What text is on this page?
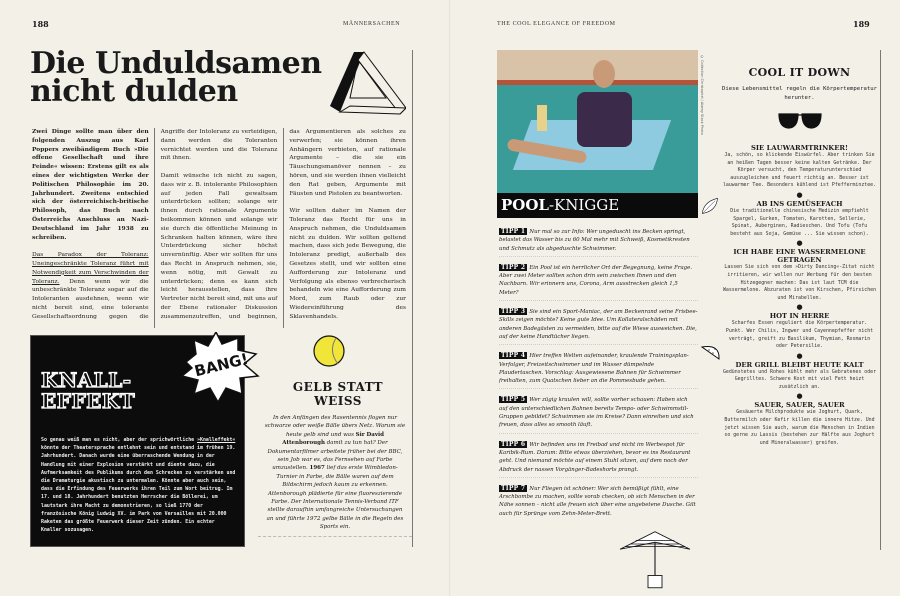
188	MÄNNERSACHEN	THE COOL ELEGANCE OF FREEDOM	189
Die Unduldsamen
nicht dulden

Zwei Dinge sollte man über den folgenden Auszug aus Karl Poppers zweibändigem Buch »Die offene Gesellschaft und ihre Feinde« wissen: Erstens gilt es als eines der wichtigsten Werke der Politischen Philosophie im 20. Jahrhundert. Zweitens entschied sich der österreichisch-britische Philosoph, das Buch nach Österreichs Anschluss an Nazi-Deutschland im Jahr 1938 zu schreiben.

Das Paradox der Toleranz: Uneingeschränkte Toleranz führt mit Notwendigkeit zum Verschwinden der Toleranz. Denn wenn wir die unbeschränkte Toleranz sogar auf die Intoleranten ausdehnen, wenn wir nicht bereit sind, eine tolerante Gesellschaftsordnung gegen die Angriffe der Intoleranz zu verteidigen, dann werden die Toleranten vernichtet werden und die Toleranz mit ihnen.

Damit wünsche ich nicht zu sagen, dass wir z. B. intolerante Philosophien auf jeden Fall gewaltsam unterdrücken sollten; solange wir ihnen durch rationale Argumente beikommen können und solange wir sie durch die öffentliche Meinung in Schranken halten können, wäre ihre Unterdrückung sicher höchst unvernünftig. Aber wir sollten für uns das Recht in Anspruch nehmen, sie, wenn nötig, mit Gewalt zu unterdrücken; denn es kann sich leicht herausstellen, dass ihre Vertreter nicht bereit sind, mit uns auf der Ebene rationaler Diskussion zusammenzutreffen, und beginnen, das Argumentieren als solches zu verwerfen; sie können ihren Anhängern verbieten, auf rationale Argumente – die sie ein Täuschungsmanöver nennen – zu hören, und sie werden ihnen vielleicht den Rat geben, Argumente mit Fäusten und Pistolen zu beantworten.

Wir sollten daher im Namen der Toleranz das Recht für uns in Anspruch nehmen, die Unduldsamen nicht zu dulden. Wir sollten geltend machen, dass sich jede Bewegung, die Intoleranz predigt, außerhalb des Gesetzes stellt, und wir sollten eine Aufforderung zur Intoleranz und Verfolgung als ebenso verbrecherisch behandeln wie eine Aufforderung zum Mord, zum Raub oder zur Wiedereinführung des Sklavenhandels.

KNALL-
EFFEKT
So genau weiß man es nicht, aber der sprichwörtliche »Knalleffekt« könnte der Theatersprache entlehnt sein und entstand im frühen 19. Jahrhundert. Danach wurde eine überraschende Wendung in der Handlung mit einer Explosion verstärkt und diente dazu, die Aufmerksamkeit des Publikums durch den Schrecken zu verstärken und die Dramaturgie akustisch zu untermalen. Könnte aber auch sein, dass die Erfindung des Feuerwerks ihren Teil zum Wort beitrug. Im 17. und 18. Jahrhundert benutzten Herrscher die Böllerei, um lautstark ihre Macht zu demonstrieren, so ließ 1770 der französische König Ludwig XV. im Park von Versailles mit 20.000 Raketen das größte Feuerwerk dieser Zeit zünden. Ein echter Knaller sozusagen.
BANG!
GELB STATT
WEISS
In den Anfängen des Rasentennis flogen nur schwarze oder weiße Bälle übers Netz. Warum sie heute gelb sind und was Sir David Attenborough damit zu tun hat? Der Dokumentarfilmer arbeitete früher bei der BBC, sein Job war es, das Fernsehen auf Farbe umzustellen. 1967 lief das erste Wimbledon-Turnier in Farbe, die Bälle waren auf dem Bildschirm jedoch kaum zu erkennen. Attenborough plädierte für eine fluoreszierende Farbe. Der Internationale Tennis-Verband ITF stellte daraufhin umfangreiche Untersuchungen an und führte 1972 gelbe Bälle in die Regeln des Sports ein.
© Collection Christophel / Alamy Stock Photo
POOL-KNIGGE
TIPP 1 Nur mal so zur Info: Wer ungeduscht ins Becken springt, belastet das Wasser bis zu 60 Mal mehr mit Schweiß, Kosmetikresten und Schmutz als abgeduschte Schwimmer.
TIPP 2 Ein Pool ist ein herrlicher Ort der Begegnung, keine Frage. Aber zwei Meter sollten schon drin sein zwischen Ihnen und den Nachbarn. Wir erinnern uns, Corona, Arm ausstrecken gleich 1,5 Meter?
TIPP 3 Sie sind ein Sport-Maniac, der am Beckenrand seine Frisbee-Skills zeigen möchte? Keine gute Idee. Um Kollateralschäden mit anderen Badegästen zu vermeiden, bitte auf die Wiese ausweichen. Die, auf der keine Handtücher liegen.
TIPP 4 Hier treffen Welten aufeinander, kraulende Trainingsplan-Verfolger, Freizeitschwimmer und im Wasser dümpelnde Plaudertaschen. Vorschlag: Ausgewiesene Bahnen für Schwimmer freihalten, zum Quatschen lieber an die Pommesbude gehen.
TIPP 5 Wer zügig kraulen will, sollte vorher schauen: Haben sich auf den unterschiedlichen Bahnen bereits Tempo- oder Schwimmstil-Gruppen gebildet? Schwimmen sie im Kreise? Dann einreihen und sich freuen, dass alles so smooth läuft.
TIPP 6 Wir befinden uns im Freibad und nicht im Werbespot für Karibik-Rum. Darum: Bitte etwas überziehen, bevor es ins Restaurant geht. Und niemand möchte auf einem Stuhl sitzen, auf dem noch der Abdruck der nassen Vorgänger-Badeshorts prangt.
TIPP 7 Nur Fliegen ist schöner: Wer sich bemüßigt fühlt, eine Arschbombe zu machen, sollte vorab checken, ob sich Menschen in der Nähe sonnen – nicht alle freuen sich über eine ungebetene Dusche. Gilt auch für Sprünge vom Zehn-Meter-Brett.
COOL IT DOWN
Diese Lebensmittel regeln die Körpertemperatur herunter.
SIE LAUWARMTRINKER!
Ja, schön, so klickende Eiswürfel. Aber trinken Sie an heißen Tagen besser keine kalten Getränke. Der Körper versucht, den Temperaturunterschied auszugleichen und feuert richtig an. Besser ist lauwarmer Tee. Besonders kühlend ist Pfefferminztee.
●
AB INS GEMÜSEFACH
Die traditionelle chinesische Medizin empfiehlt Spargel, Gurken, Tomaten, Karotten, Sellerie, Spinat, Auberginen, Radieschen. Und Tofu (Tofu besteht aus Soja, Gemüse ... Sie wissen schon).
●
ICH HABE EINE WASSERMELONE GETRAGEN
Lassen Sie sich von dem »Dirty Dancing«-Zitat nicht irritieren, wir wollen nur Werbung für den besten Hitzegegner machen: Das ist laut TCM die Wassermelone. Abzuraten ist von Kirschen, Pfirsichen und Mirabellen.
●
HOT IN HERRE
Scharfes Essen reguliert die Körpertemperatur. Punkt. Wer Chilis, Ingwer und Cayennepfeffer nicht verträgt, greift zu Basilikum, Thymian, Rosmarin oder Petersilie.
●
DER GRILL BLEIBT HEUTE KALT
Gedünstetes und Rohes kühlt mehr als Gebratenes oder Gegrilltes. Schwere Kost mit viel Fett heizt zusätzlich an.
●
SAUER, SAUER, SAUER
Gesäuerte Milchprodukte wie Joghurt, Quark, Buttermilch oder Kefir killen die innere Hitze. Und jetzt wissen Sie auch, warum die Menschen in Indien so gerne zu Lassis (bestehen zur Hälfte aus Joghurt und Mineralwasser) greifen.
